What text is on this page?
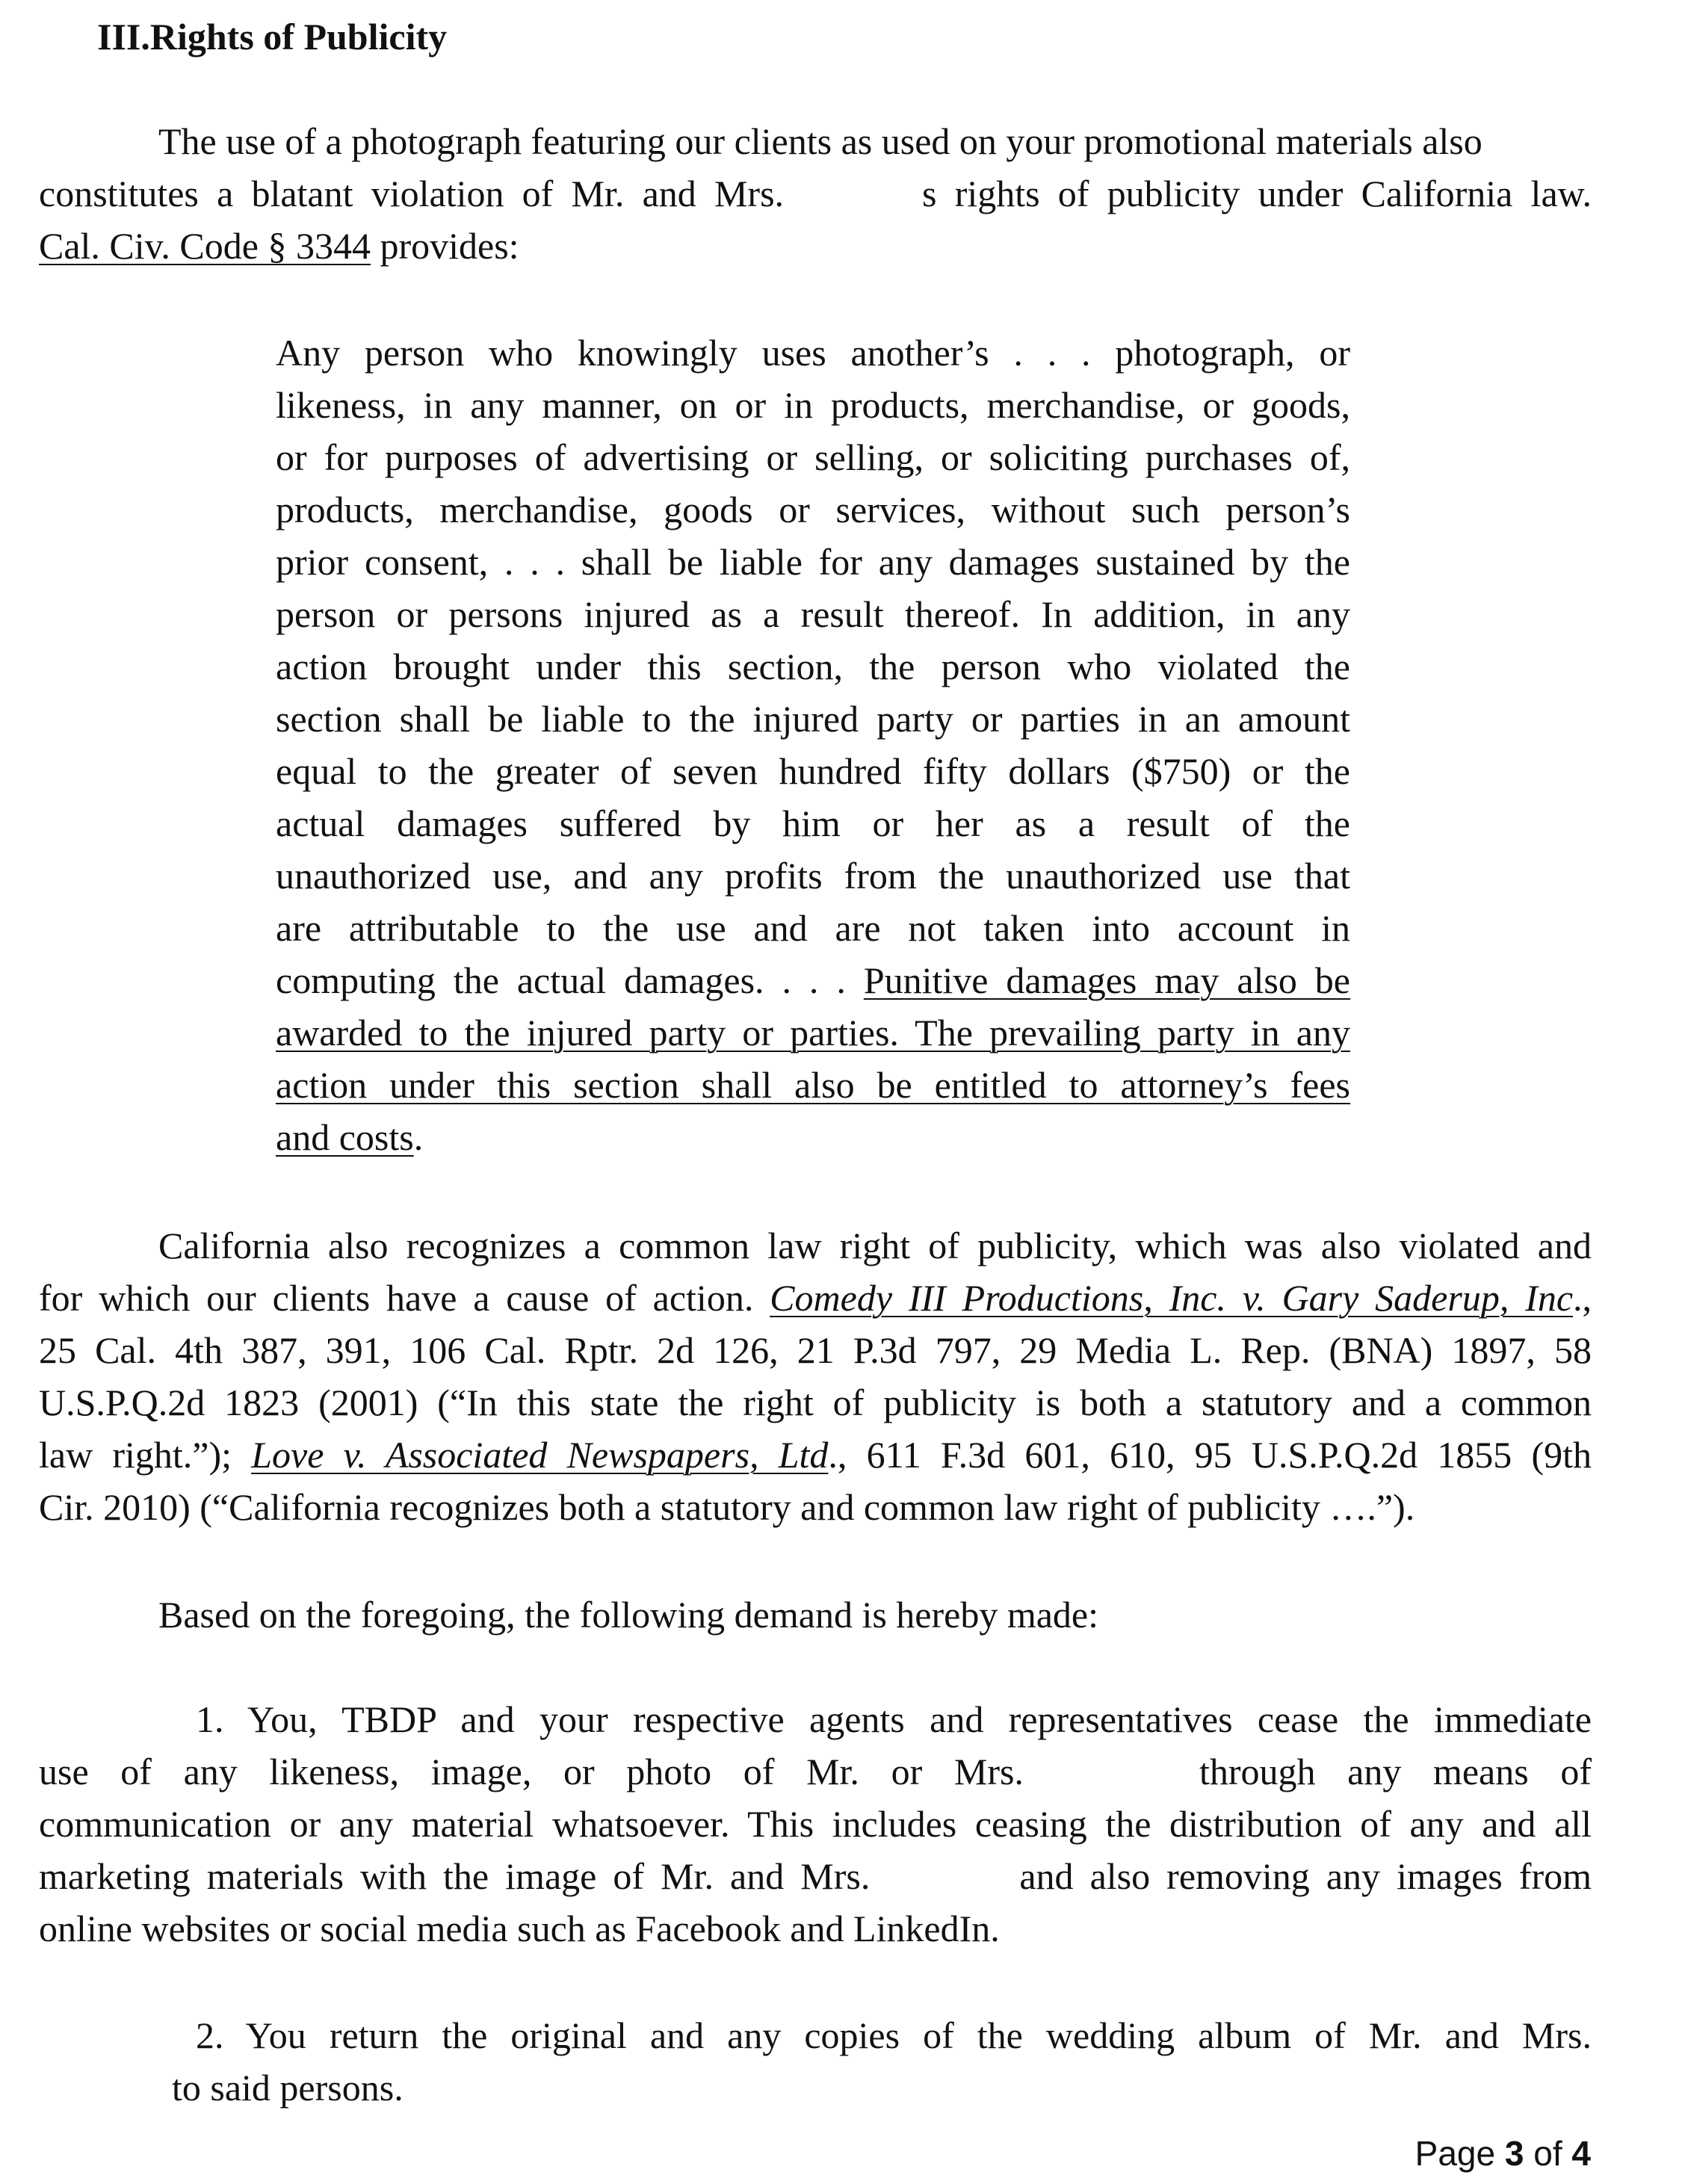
III.Rights of Publicity
The use of a photograph featuring our clients as used on your promotional materials also
constitutes a blatant violation of Mr. and Mrs.	s rights of publicity under California law.
Cal. Civ. Code § 3344 provides:
Any person who knowingly uses another’s . . . photograph, or
likeness, in any manner, on or in products, merchandise, or goods,
or for purposes of advertising or selling, or soliciting purchases of,
products, merchandise, goods or services, without such person’s
prior consent, . . . shall be liable for any damages sustained by the
person or persons injured as a result thereof. In addition, in any
action brought under this section, the person who violated the
section shall be liable to the injured party or parties in an amount
equal to the greater of seven hundred fifty dollars ($750) or the
actual damages suffered by him or her as a result of the
unauthorized use, and any profits from the unauthorized use that
are attributable to the use and are not taken into account in
computing the actual damages. . . . Punitive damages may also be
awarded to the injured party or parties. The prevailing party in any
action under this section shall also be entitled to attorney’s fees
and costs.
California also recognizes a common law right of publicity, which was also violated and
for which our clients have a cause of action. Comedy III Productions, Inc. v. Gary Saderup, Inc.,
25 Cal. 4th 387, 391, 106 Cal. Rptr. 2d 126, 21 P.3d 797, 29 Media L. Rep. (BNA) 1897, 58
U.S.P.Q.2d 1823 (2001) (“In this state the right of publicity is both a statutory and a common
law right.”); Love v. Associated Newspapers, Ltd., 611 F.3d 601, 610, 95 U.S.P.Q.2d 1855 (9th
Cir. 2010) (“California recognizes both a statutory and common law right of publicity ….”).
Based on the foregoing, the following demand is hereby made:
1. You, TBDP and your respective agents and representatives cease the immediate
use of any likeness, image, or photo of Mr. or Mrs.	through any means of
communication or any material whatsoever. This includes ceasing the distribution of any and all
marketing materials with the image of Mr. and Mrs.	and also removing any images from
online websites or social media such as Facebook and LinkedIn.
2. You return the original and any copies of the wedding album of Mr. and Mrs.
to said persons.
Page 3 of 4
